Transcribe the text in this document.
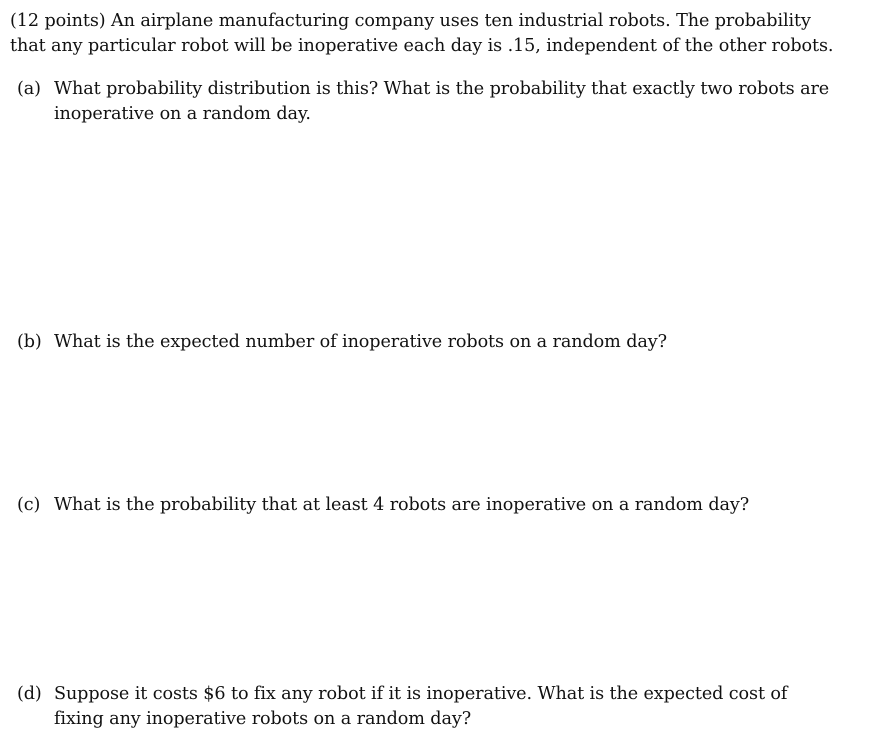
(12 points) An airplane manufacturing company uses ten industrial robots. The probability that any particular robot will be inoperative each day is .15, independent of the other robots.

(a) What probability distribution is this? What is the probability that exactly two robots are inoperative on a random day.
(b) What is the expected number of inoperative robots on a random day?
(c) What is the probability that at least 4 robots are inoperative on a random day?
(d) Suppose it costs $6 to fix any robot if it is inoperative. What is the expected cost of fixing any inoperative robots on a random day?
